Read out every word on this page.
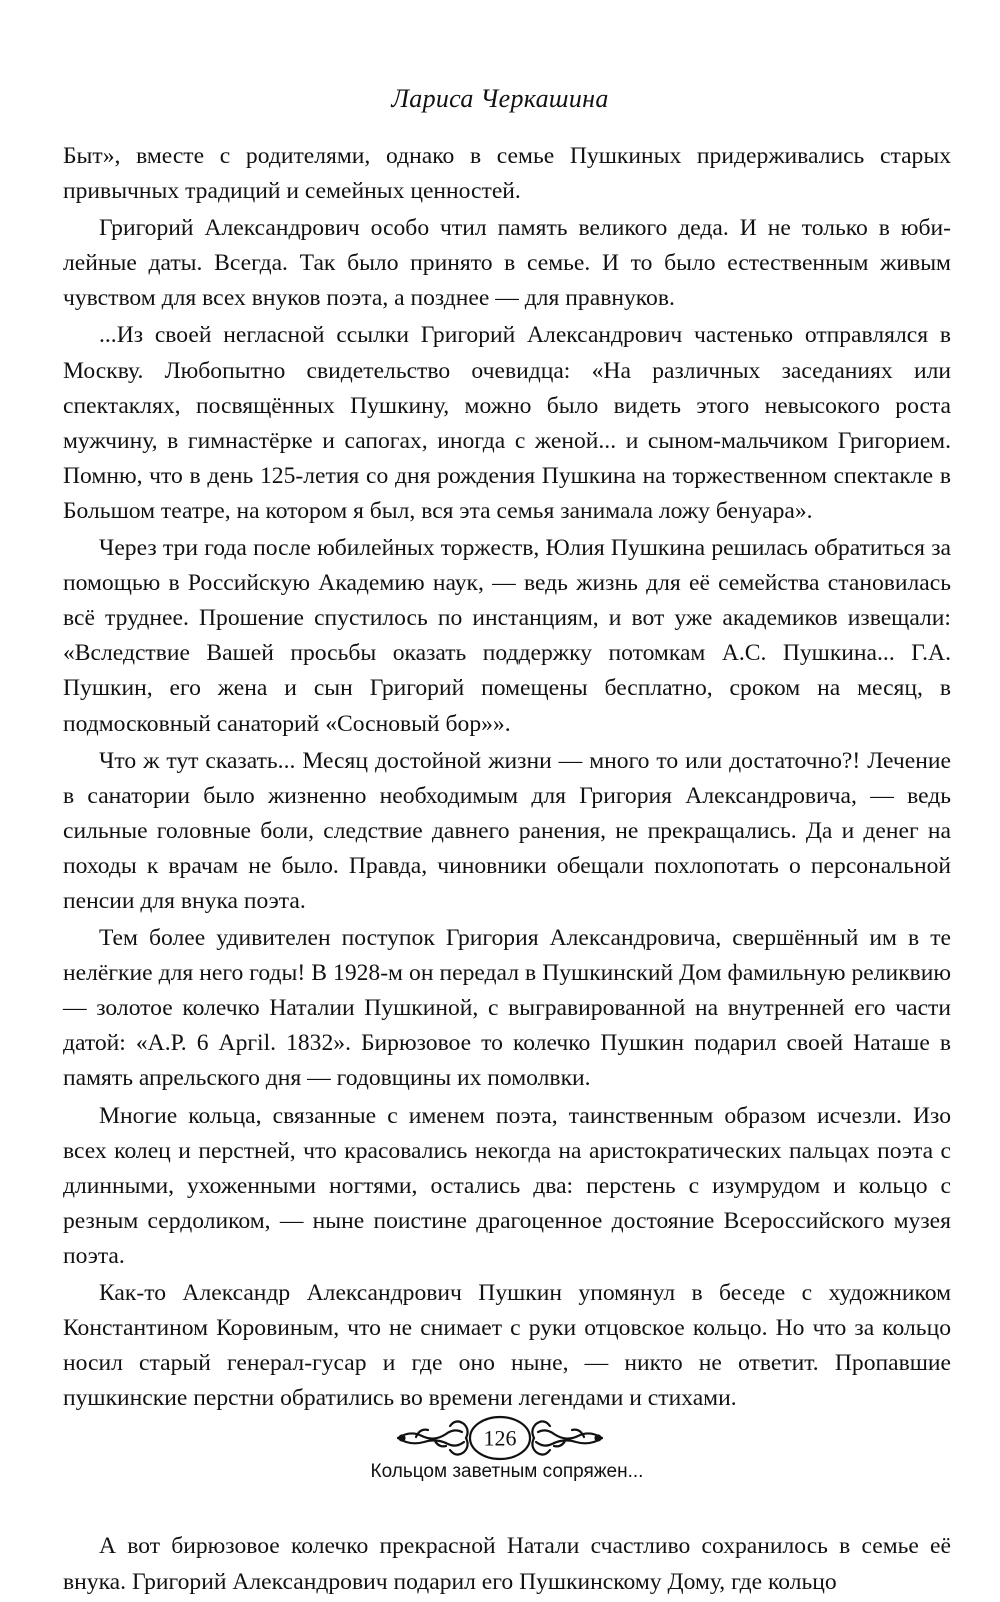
Лариса Черкашина

Быт», вместе с родителями, однако в семье Пушкиных придерживались старых привычных традиций и семейных ценностей.

Григорий Александрович особо чтил память великого деда. И не только в юбилейные даты. Всегда. Так было принято в семье. И то было естественным живым чувством для всех внуков поэта, а позднее — для правнуков.

...Из своей негласной ссылки Григорий Александрович частенько отправлялся в Москву. Любопытно свидетельство очевидца: «На различных заседаниях или спектаклях, посвящённых Пушкину, можно было видеть этого невысокого роста мужчину, в гимнастёрке и сапогах, иногда с женой... и сыном-мальчиком Григорием. Помню, что в день 125-летия со дня рождения Пушкина на торжественном спектакле в Большом театре, на котором я был, вся эта семья занимала ложу бенуара».

Через три года после юбилейных торжеств, Юлия Пушкина решилась обратиться за помощью в Российскую Академию наук, — ведь жизнь для её семейства становилась всё труднее. Прошение спустилось по инстанциям, и вот уже академиков извещали: «Вследствие Вашей просьбы оказать поддержку потомкам А.С. Пушкина... Г.А. Пушкин, его жена и сын Григорий помещены бесплатно, сроком на месяц, в подмосковный санаторий «Сосновый бор»».

Что ж тут сказать... Месяц достойной жизни — много то или достаточно?! Лечение в санатории было жизненно необходимым для Григория Александровича, — ведь сильные головные боли, следствие давнего ранения, не прекращались. Да и денег на походы к врачам не было. Правда, чиновники обещали похлопотать о персональной пенсии для внука поэта.

Тем более удивителен поступок Григория Александровича, свершённый им в те нелёгкие для него годы! В 1928-м он передал в Пушкинский Дом фамильную реликвию — золотое колечко Наталии Пушкиной, с выгравированной на внутренней его части датой: «А.Р. 6 Apгil. 1832». Бирюзовое то колечко Пушкин подарил своей Наташе в память апрельского дня — годовщины их помолвки.

Многие кольца, связанные с именем поэта, таинственным образом исчезли. Изо всех колец и перстней, что красовались некогда на аристократических пальцах поэта с длинными, ухоженными ногтями, остались два: перстень с изумрудом и кольцо с резным сердоликом, — ныне поистине драгоценное достояние Всероссийского музея поэта.

Как-то Александр Александрович Пушкин упомянул в беседе с художником Константином Коровиным, что не снимает с руки отцовское кольцо. Но что за кольцо носил старый генерал-гусар и где оно ныне, — никто не ответит. Пропавшие пушкинские перстни обратились во времени легендами и стихами.

Кольцом заветным сопряжен...

А вот бирюзовое колечко прекрасной Натали счастливо сохранилось в семье её внука. Григорий Александрович подарил его Пушкинскому Дому, где кольцо

126
